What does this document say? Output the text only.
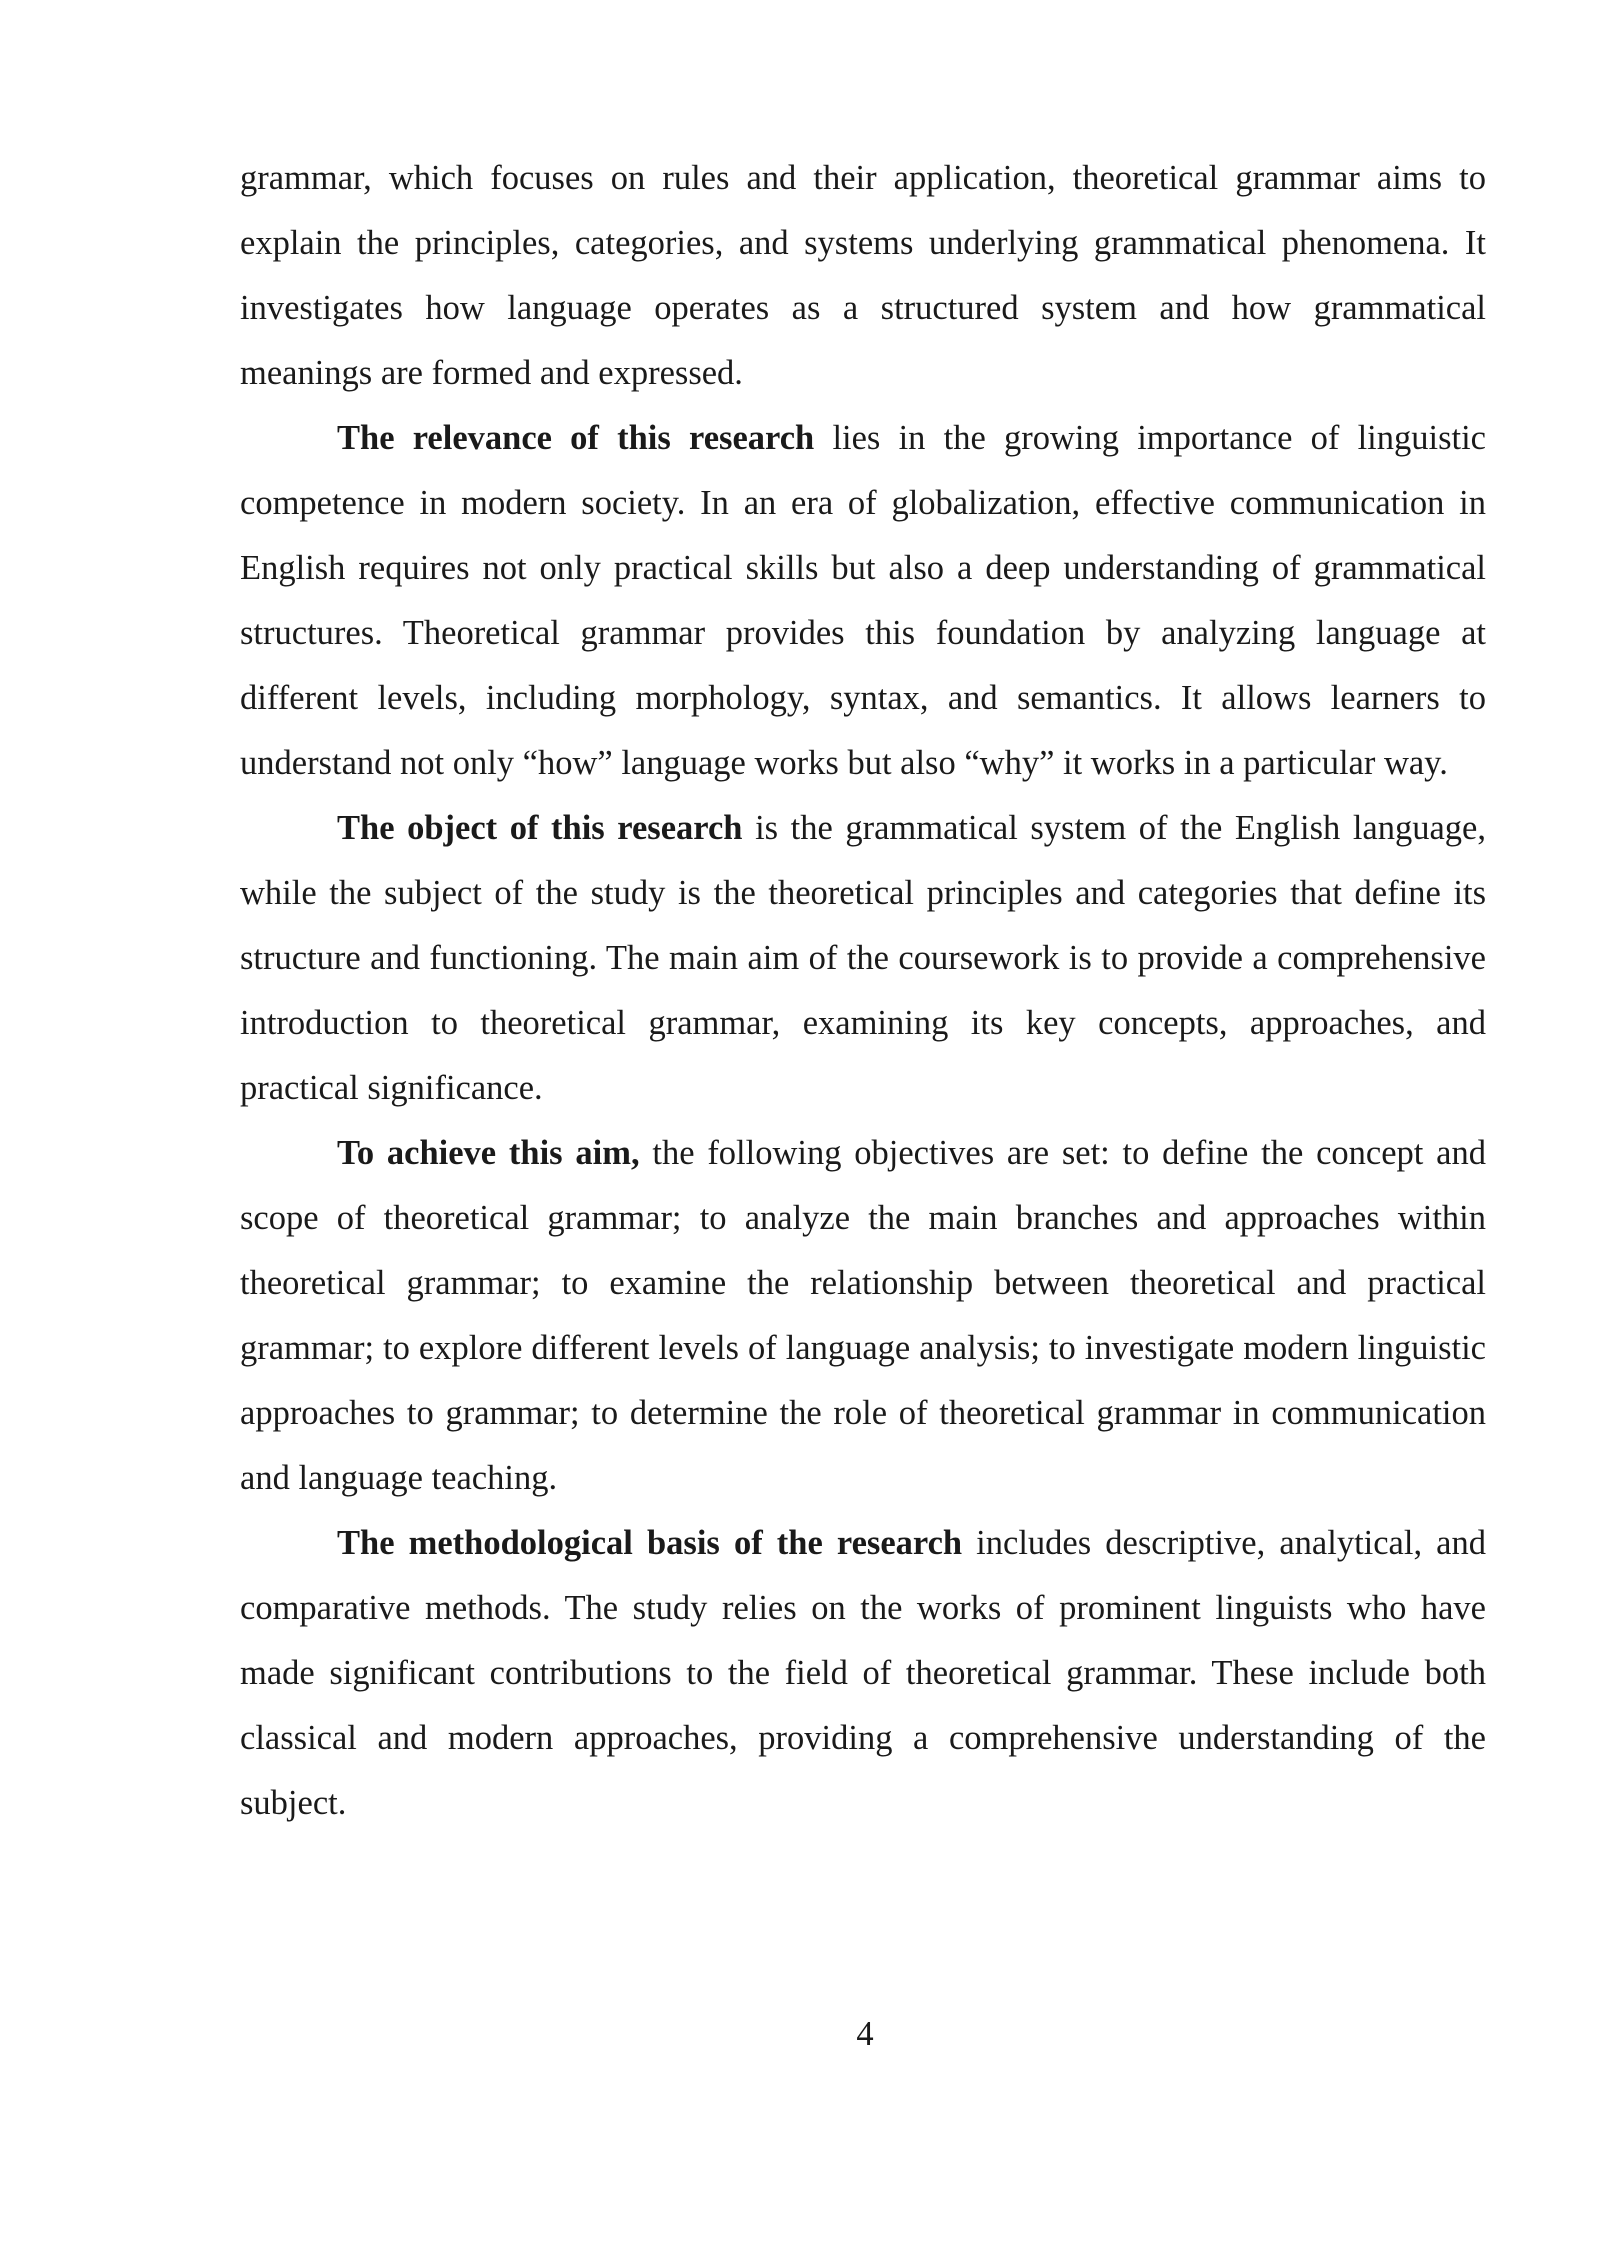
grammar, which focuses on rules and their application, theoretical grammar aims to explain the principles, categories, and systems underlying grammatical phenomena. It investigates how language operates as a structured system and how grammatical meanings are formed and expressed.

The relevance of this research lies in the growing importance of linguistic competence in modern society. In an era of globalization, effective communication in English requires not only practical skills but also a deep understanding of grammatical structures. Theoretical grammar provides this foundation by analyzing language at different levels, including morphology, syntax, and semantics. It allows learners to understand not only “how” language works but also “why” it works in a particular way.

The object of this research is the grammatical system of the English language, while the subject of the study is the theoretical principles and categories that define its structure and functioning. The main aim of the coursework is to provide a comprehensive introduction to theoretical grammar, examining its key concepts, approaches, and practical significance.

To achieve this aim, the following objectives are set: to define the concept and scope of theoretical grammar; to analyze the main branches and approaches within theoretical grammar; to examine the relationship between theoretical and practical grammar; to explore different levels of language analysis; to investigate modern linguistic approaches to grammar; to determine the role of theoretical grammar in communication and language teaching.

The methodological basis of the research includes descriptive, analytical, and comparative methods. The study relies on the works of prominent linguists who have made significant contributions to the field of theoretical grammar. These include both classical and modern approaches, providing a comprehensive understanding of the subject.

4
